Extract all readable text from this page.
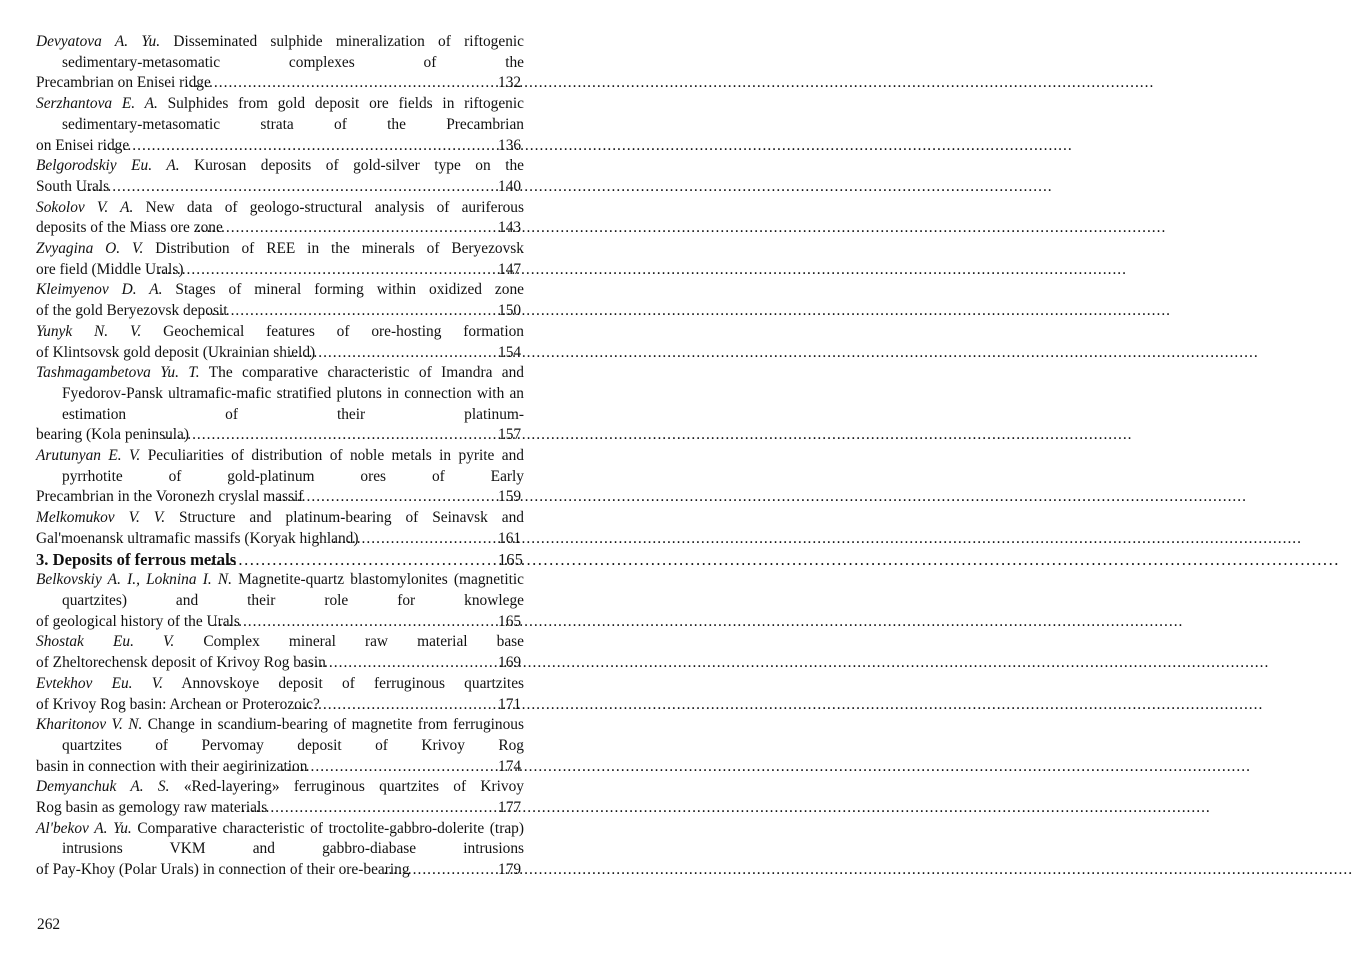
Devyatova A. Yu. Disseminated sulphide mineralization of riftogenic sedimentary-metasomatic complexes of the
Precambrian on Enisei ridge .....	132
Serzhantova E. A. Sulphides from gold deposit ore fields in riftogenic sedimentary-metasomatic strata of the Precambrian
on Enisei ridge .....	136
Belgorodskiy Eu. A. Kurosan deposits of gold-silver type on the
South Urals .....	140
Sokolov V. A. New data of geologo-structural analysis of auriferous
deposits of the Miass ore zone .....	143
Zvyagina O. V. Distribution of REE in the minerals of Beryezovsk
ore field (Middle Urals) .....	147
Kleimyenov D. A. Stages of mineral forming within oxidized zone
of the gold Beryezovsk deposit .....	150
Yunyk N. V. Geochemical features of ore-hosting formation
of Klintsovsk gold deposit (Ukrainian shield) .....	154
Tashmagambetova Yu. T. The comparative characteristic of Imandra and Fyedorov-Pansk ultramafic-mafic stratified plutons in connection with an estimation of their platinum-
bearing (Kola peninsula) .....	157
Arutunyan E. V. Peculiarities of distribution of noble metals in pyrite and pyrrhotite of gold-platinum ores of Early
Precambrian in the Voronezh cryslal massif .....	159
Melkomukov V. V. Structure and platinum-bearing of Seinavsk and
Gal'moenansk ultramafic massifs (Koryak highland) .....	161
3. Deposits of ferrous metals .....	165
Belkovskiy A. I., Loknina I. N. Magnetite-quartz blastomylonites (magnetitic quartzites) and their role for knowlege
of geological history of the Urals .....	165
Shostak Eu. V. Complex mineral raw material base
of Zheltorechensk deposit of Krivoy Rog basin .....	169
Evtekhov Eu. V. Annovskoye deposit of ferruginous quartzites
of Krivoy Rog basin: Archean or Proterozoic? .....	171
Kharitonov V. N. Change in scandium-bearing of magnetite from ferruginous quartzites of Pervomay deposit of Krivoy Rog
basin in connection with their aegirinization .....	174
Demyanchuk A. S. «Red-layering» ferruginous quartzites of Krivoy
Rog basin as gemology raw materials .....	177
Al'bekov A. Yu. Comparative characteristic of troctolite-gabbro-dolerite (trap) intrusions VKM and gabbro-diabase intrusions
of Pay-Khoy (Polar Urals) in connection of their ore-bearing .....	179
262
